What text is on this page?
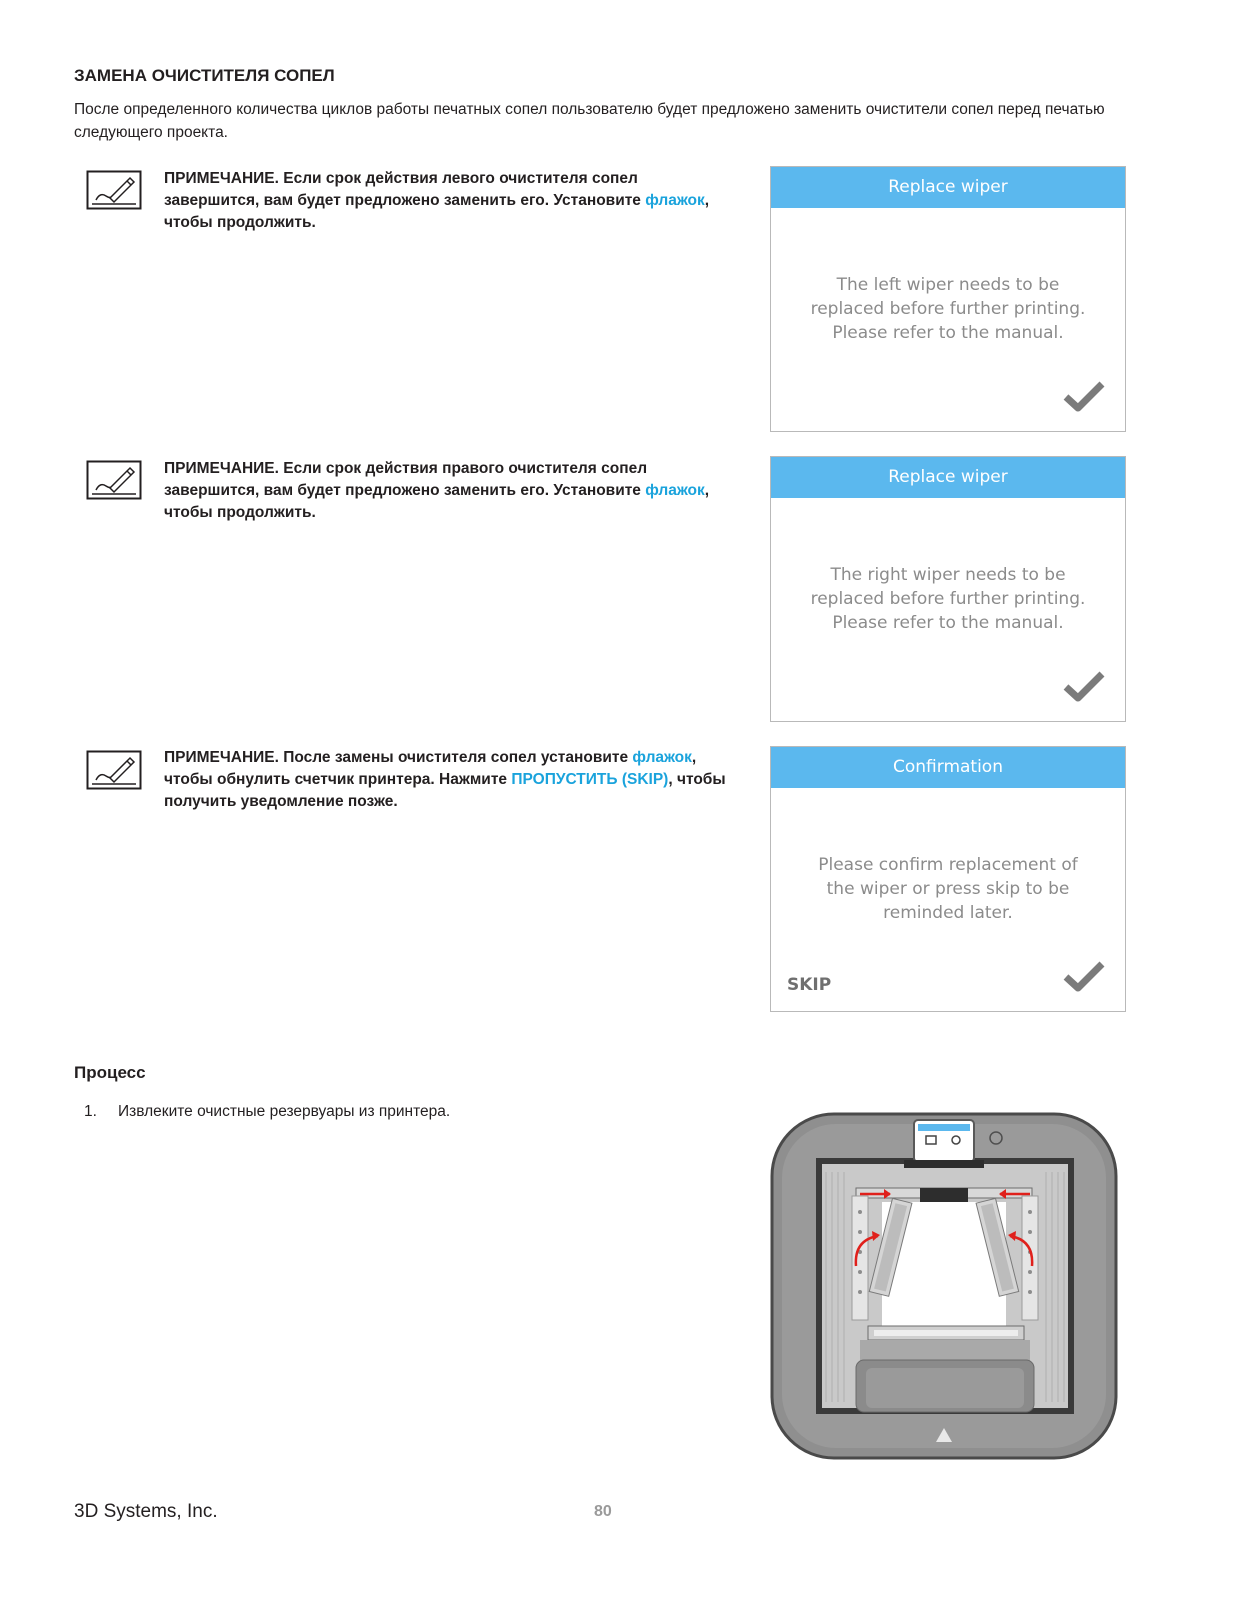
ЗАМЕНА ОЧИСТИТЕЛЯ СОПЕЛ
После определенного количества циклов работы печатных сопел пользователю будет предложено заменить очистители сопел перед печатью следующего проекта.
ПРИМЕЧАНИЕ. Если срок действия левого очистителя сопел завершится, вам будет предложено заменить его. Установите флажок, чтобы продолжить.
Replace wiper
The left wiper needs to be
replaced before further printing.
Please refer to the manual.
ПРИМЕЧАНИЕ. Если срок действия правого очистителя сопел завершится, вам будет предложено заменить его. Установите флажок, чтобы продолжить.
Replace wiper
The right wiper needs to be
replaced before further printing.
Please refer to the manual.
ПРИМЕЧАНИЕ. После замены очистителя сопел установите флажок, чтобы обнулить счетчик принтера. Нажмите ПРОПУСТИТЬ (SKIP), чтобы получить уведомление позже.
Confirmation
Please confirm replacement of
the wiper or press skip to be
reminded later.
SKIP
Процесс
1. Извлеките очистные резервуары из принтера.
3D Systems, Inc.	80
